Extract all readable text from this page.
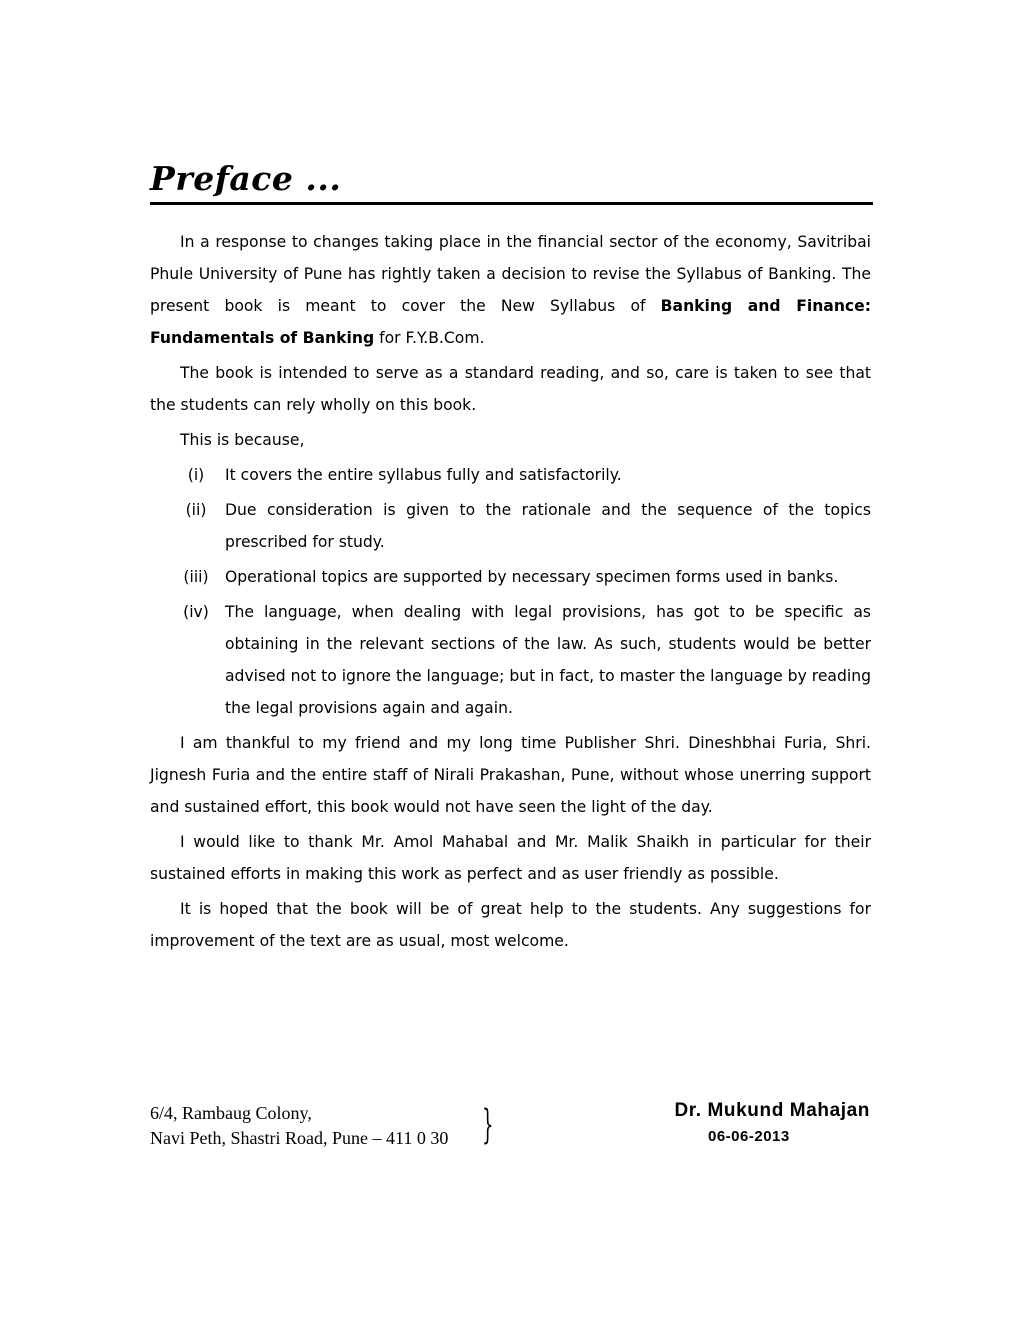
Preface ...

In a response to changes taking place in the financial sector of the economy, Savitribai Phule University of Pune has rightly taken a decision to revise the Syllabus of Banking. The present book is meant to cover the New Syllabus of Banking and Finance: Fundamentals of Banking for F.Y.B.Com.

The book is intended to serve as a standard reading, and so, care is taken to see that the students can rely wholly on this book.

This is because,

(i)	It covers the entire syllabus fully and satisfactorily.
(ii)	Due consideration is given to the rationale and the sequence of the topics prescribed for study.
(iii)	Operational topics are supported by necessary specimen forms used in banks.
(iv)	The language, when dealing with legal provisions, has got to be specific as obtaining in the relevant sections of the law. As such, students would be better advised not to ignore the language; but in fact, to master the language by reading the legal provisions again and again.

I am thankful to my friend and my long time Publisher Shri. Dineshbhai Furia, Shri. Jignesh Furia and the entire staff of Nirali Prakashan, Pune, without whose unerring support and sustained effort, this book would not have seen the light of the day.

I would like to thank Mr. Amol Mahabal and Mr. Malik Shaikh in particular for their sustained efforts in making this work as perfect and as user friendly as possible.

It is hoped that the book will be of great help to the students. Any suggestions for improvement of the text are as usual, most welcome.

6/4, Rambaug Colony,
Navi Peth, Shastri Road, Pune – 411 0 30 }	Dr. Mukund Mahajan
06-06-2013
